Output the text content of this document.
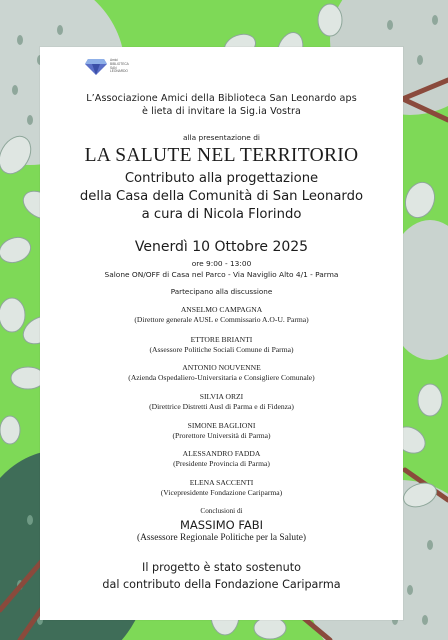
Amici
BIBLIOTECA
SAN
LEONARDO
L’Associazione Amici della Biblioteca San Leonardo aps
è lieta di invitare la Sig.ia Vostra
alla presentazione di
LA SALUTE NEL TERRITORIO
Contributo alla progettazione
della Casa della Comunità di San Leonardo
a cura di Nicola Florindo
Venerdì 10 Ottobre 2025
ore 9:00 - 13:00
Salone ON/OFF di Casa nel Parco - Via Naviglio Alto 4/1 - Parma
Partecipano alla discussione
ANSELMO CAMPAGNA
(Direttore generale AUSL e Commissario A.O-U. Parma)
ETTORE BRIANTI
(Assessore Politiche Sociali Comune di Parma)
ANTONIO NOUVENNE
(Azienda Ospedaliero-Universitaria e Consigliere Comunale)
SILVIA ORZI
(Direttrice Distretti Ausl di Parma e di Fidenza)
SIMONE BAGLIONI
(Prorettore Università di Parma)
ALESSANDRO FADDA
(Presidente Provincia di Parma)
ELENA SACCENTI
(Vicepresidente Fondazione Cariparma)
Conclusioni di
MASSIMO FABI
(Assessore Regionale Politiche per la Salute)
Il progetto è stato sostenuto
dal contributo della Fondazione Cariparma
